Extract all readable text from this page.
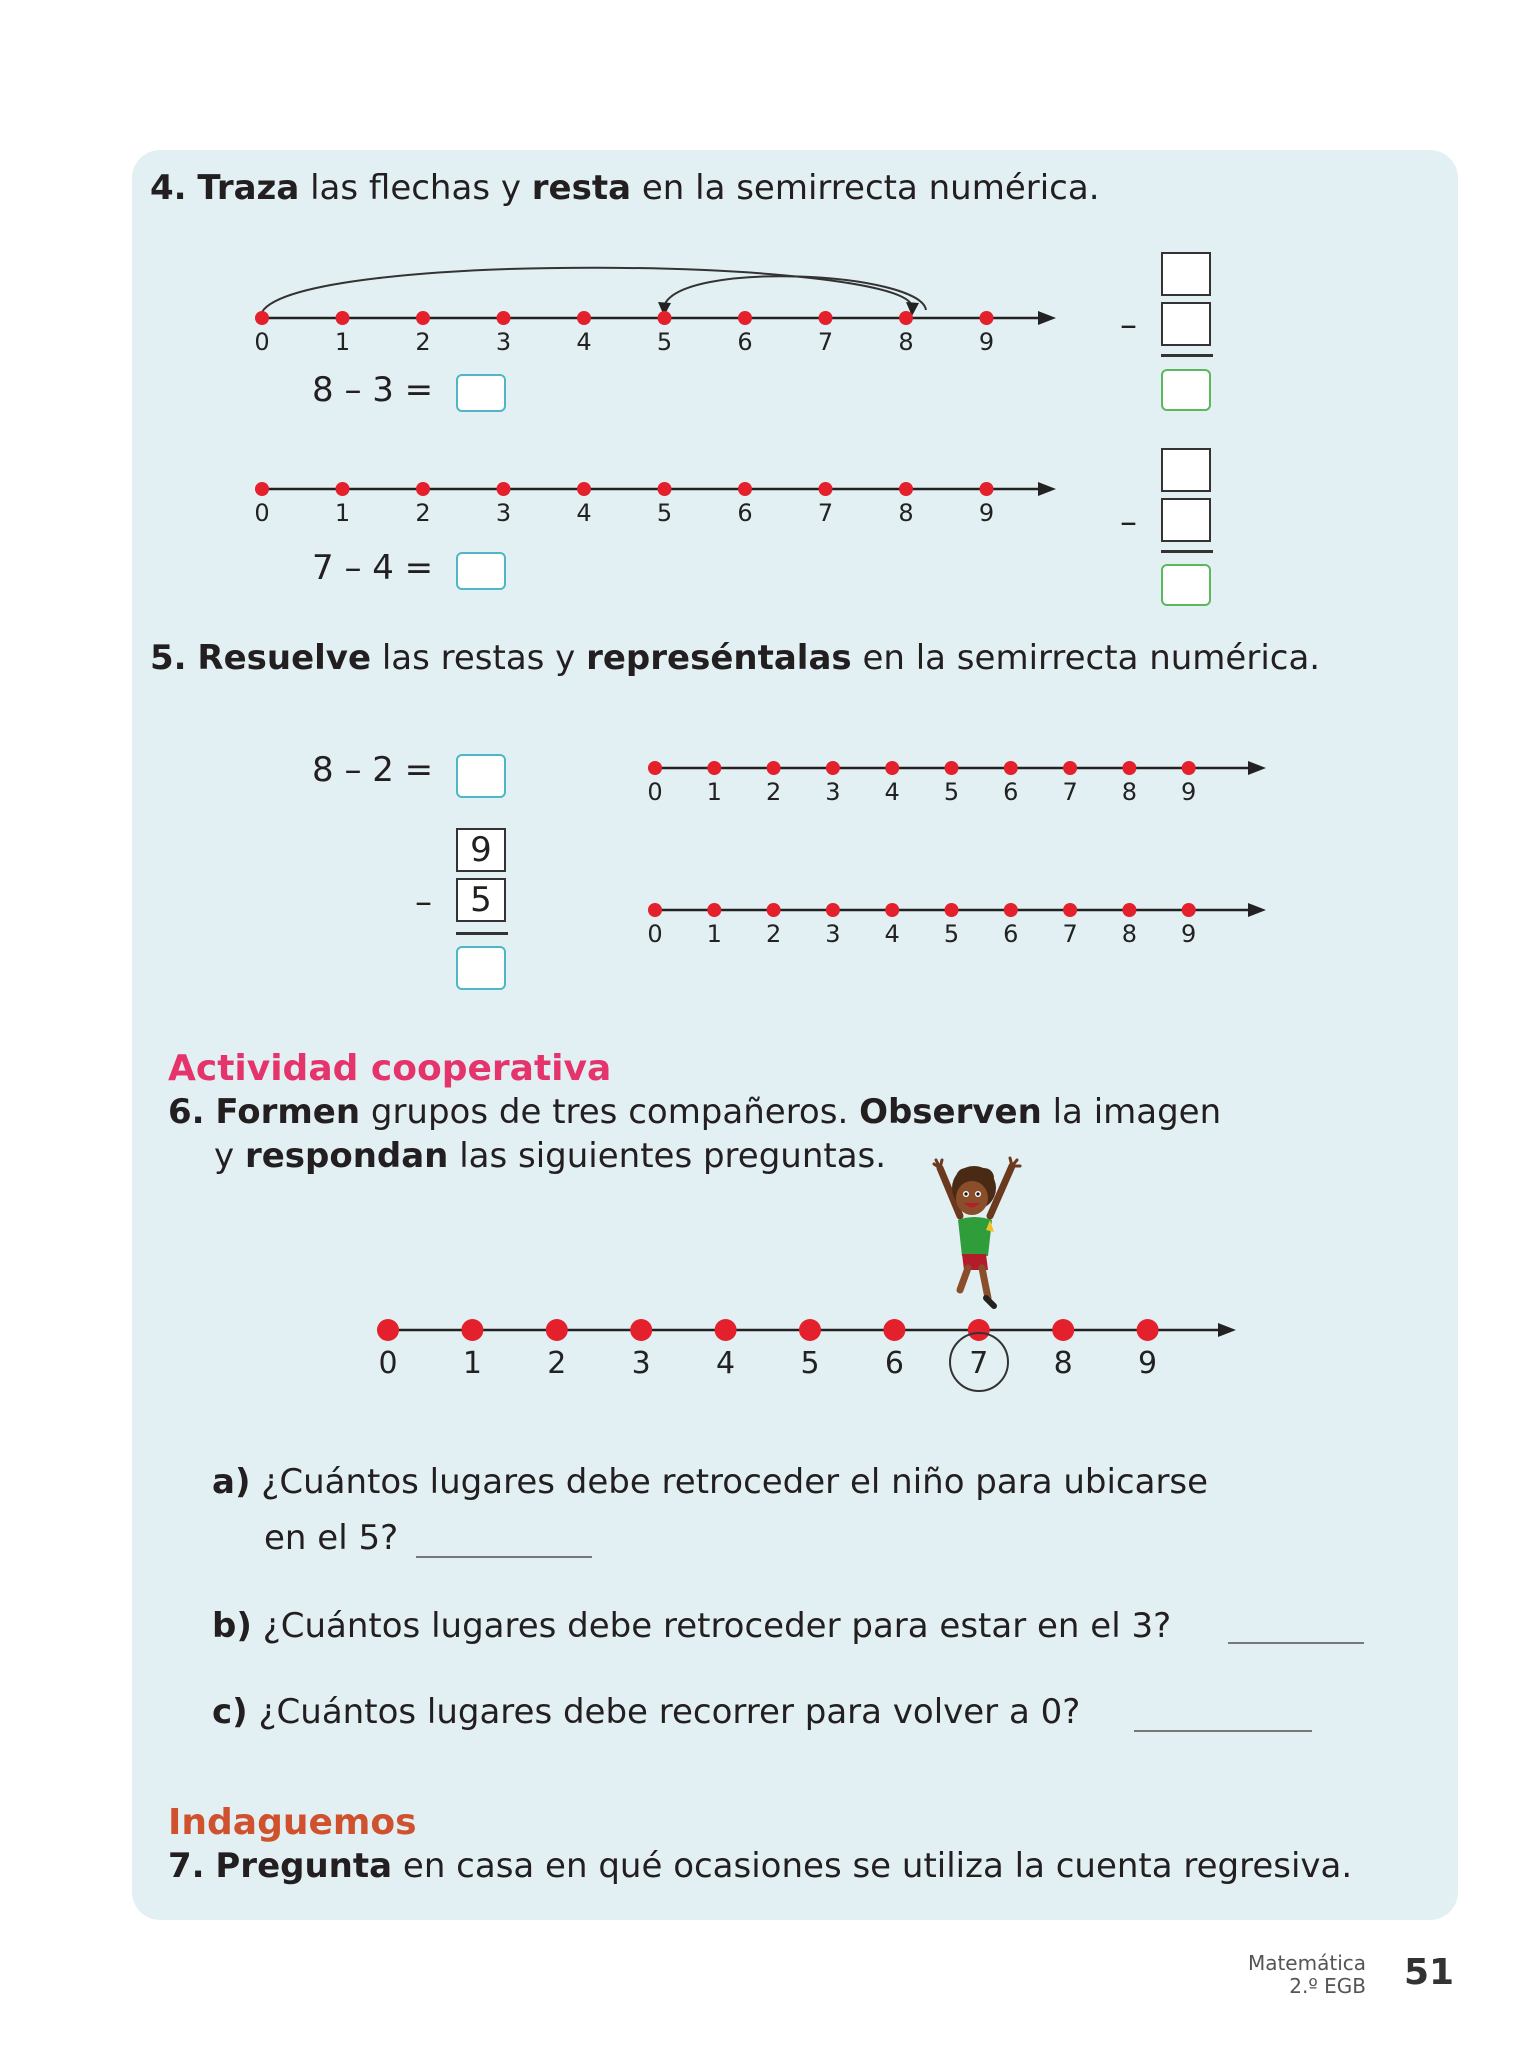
4. Traza las flechas y resta en la semirrecta numérica.
0	1	2	3	4	5	6	7	8	9
8 – 3 =
–
0	1	2	3	4	5	6	7	8	9
7 – 4 =
–
5. Resuelve las restas y represéntalas en la semirrecta numérica.
8 – 2 =
9
5
–
0 1 2 3 4 5 6 7 8 9
0 1 2 3 4 5 6 7 8 9
Actividad cooperativa
6. Formen grupos de tres compañeros. Observen la imagen
y respondan las siguientes preguntas.
0 1 2 3 4 5 6 7 8 9
a) ¿Cuántos lugares debe retroceder el niño para ubicarse
en el 5?
b) ¿Cuántos lugares debe retroceder para estar en el 3?
c) ¿Cuántos lugares debe recorrer para volver a 0?
Indaguemos
7. Pregunta en casa en qué ocasiones se utiliza la cuenta regresiva.
Matemática
2.º EGB 51
